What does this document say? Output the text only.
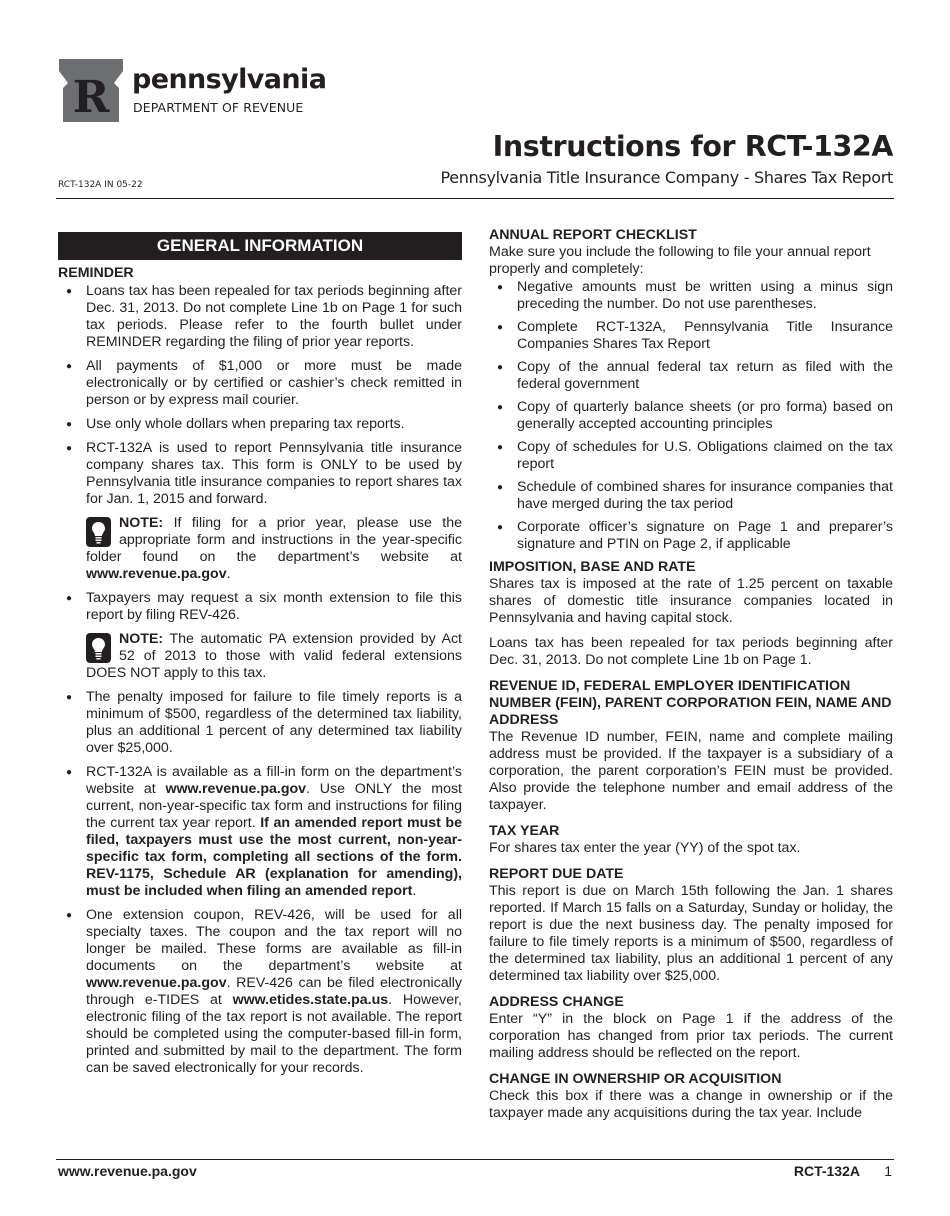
R pennsylvania
DEPARTMENT OF REVENUE
Instructions for RCT-132A
Pennsylvania Title Insurance Company - Shares Tax Report
RCT-132A IN 05-22
GENERAL INFORMATION
REMINDER
● Loans tax has been repealed for tax periods beginning after Dec. 31, 2013. Do not complete Line 1b on Page 1 for such tax periods. Please refer to the fourth bullet under REMINDER regarding the filing of prior year reports.
● All payments of $1,000 or more must be made electronically or by certified or cashier’s check remitted in person or by express mail courier.
● Use only whole dollars when preparing tax reports.
● RCT-132A is used to report Pennsylvania title insurance company shares tax. This form is ONLY to be used by Pennsylvania title insurance companies to report shares tax for Jan. 1, 2015 and forward.
NOTE: If filing for a prior year, please use the appropriate form and instructions in the year-specific folder found on the department’s website at www.revenue.pa.gov.
● Taxpayers may request a six month extension to file this report by filing REV-426.
NOTE: The automatic PA extension provided by Act 52 of 2013 to those with valid federal extensions DOES NOT apply to this tax.
● The penalty imposed for failure to file timely reports is a minimum of $500, regardless of the determined tax liability, plus an additional 1 percent of any determined tax liability over $25,000.
● RCT-132A is available as a fill-in form on the department’s website at www.revenue.pa.gov. Use ONLY the most current, non-year-specific tax form and instructions for filing the current tax year report. If an amended report must be filed, taxpayers must use the most current, non-year-specific tax form, completing all sections of the form. REV-1175, Schedule AR (explanation for amending), must be included when filing an amended report.
● One extension coupon, REV-426, will be used for all specialty taxes. The coupon and the tax report will no longer be mailed. These forms are available as fill-in documents on the department’s website at www.revenue.pa.gov. REV-426 can be filed electronically through e-TIDES at www.etides.state.pa.us. However, electronic filing of the tax report is not available. The report should be completed using the computer-based fill-in form, printed and submitted by mail to the department. The form can be saved electronically for your records.
ANNUAL REPORT CHECKLIST
Make sure you include the following to file your annual report properly and completely:
● Negative amounts must be written using a minus sign preceding the number. Do not use parentheses.
● Complete RCT-132A, Pennsylvania Title Insurance Companies Shares Tax Report
● Copy of the annual federal tax return as filed with the federal government
● Copy of quarterly balance sheets (or pro forma) based on generally accepted accounting principles
● Copy of schedules for U.S. Obligations claimed on the tax report
● Schedule of combined shares for insurance companies that have merged during the tax period
● Corporate officer’s signature on Page 1 and preparer’s signature and PTIN on Page 2, if applicable
IMPOSITION, BASE AND RATE
Shares tax is imposed at the rate of 1.25 percent on taxable shares of domestic title insurance companies located in Pennsylvania and having capital stock.
Loans tax has been repealed for tax periods beginning after Dec. 31, 2013. Do not complete Line 1b on Page 1.
REVENUE ID, FEDERAL EMPLOYER IDENTIFICATION NUMBER (FEIN), PARENT CORPORATION FEIN, NAME AND ADDRESS
The Revenue ID number, FEIN, name and complete mailing address must be provided. If the taxpayer is a subsidiary of a corporation, the parent corporation’s FEIN must be provided. Also provide the telephone number and email address of the taxpayer.
TAX YEAR
For shares tax enter the year (YY) of the spot tax.
REPORT DUE DATE
This report is due on March 15th following the Jan. 1 shares reported. If March 15 falls on a Saturday, Sunday or holiday, the report is due the next business day. The penalty imposed for failure to file timely reports is a minimum of $500, regardless of the determined tax liability, plus an additional 1 percent of any determined tax liability over $25,000.
ADDRESS CHANGE
Enter “Y” in the block on Page 1 if the address of the corporation has changed from prior tax periods. The current mailing address should be reflected on the report.
CHANGE IN OWNERSHIP OR ACQUISITION
Check this box if there was a change in ownership or if the taxpayer made any acquisitions during the tax year. Include
www.revenue.pa.gov	RCT-132A 1
